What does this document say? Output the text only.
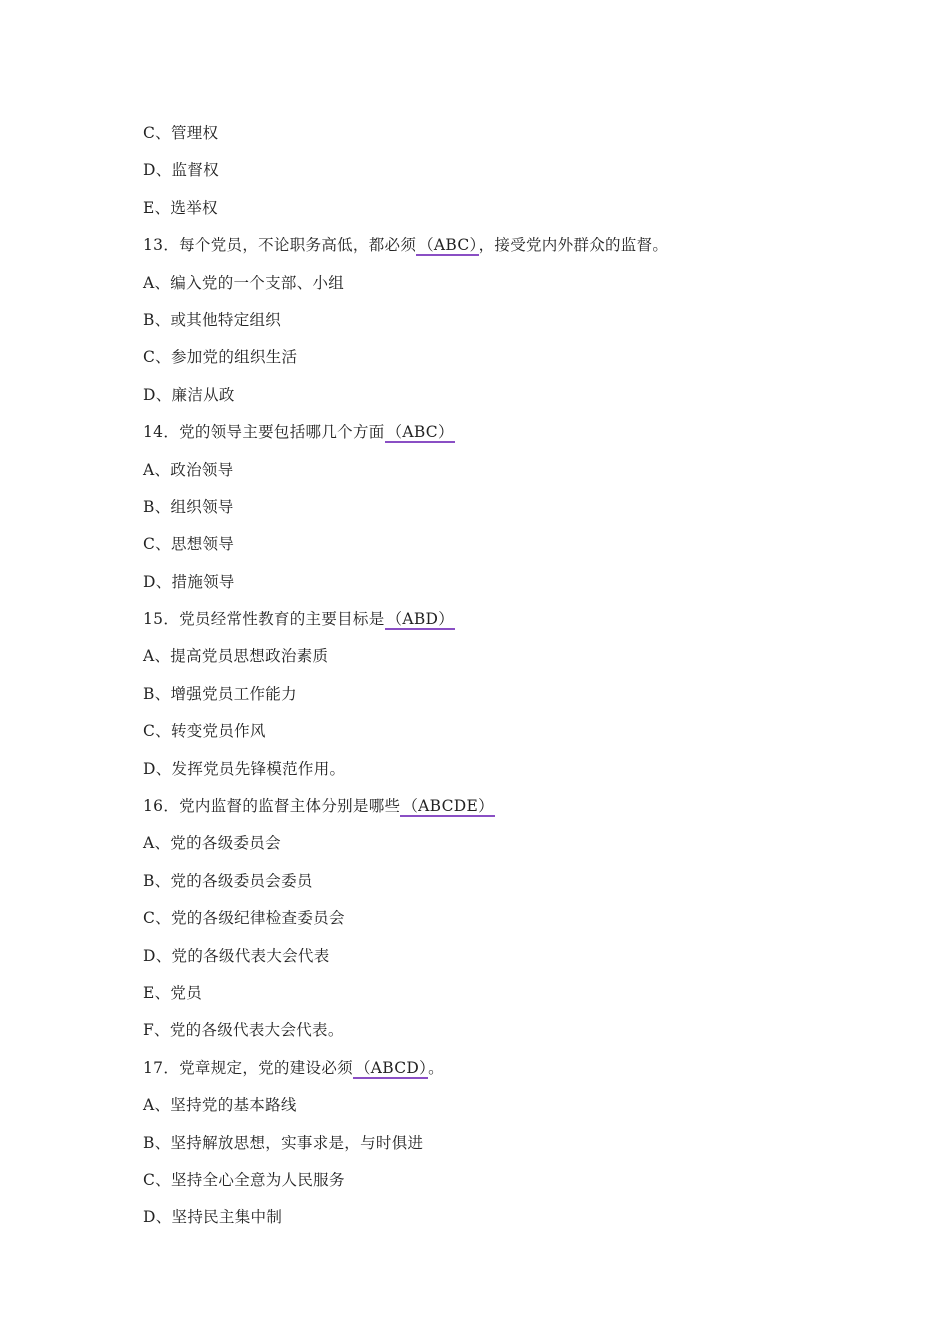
C、管理权
D、监督权
E、选举权
13．每个党员，不论职务高低，都必须 （ABC），接受党内外群众的监督。
A、编入党的一个支部、小组
B、或其他特定组织
C、参加党的组织生活
D、廉洁从政
14．党的领导主要包括哪几个方面 （ABC）
A、政治领导
B、组织领导
C、思想领导
D、措施领导
15．党员经常性教育的主要目标是 （ABD）
A、提高党员思想政治素质
B、增强党员工作能力
C、转变党员作风
D、发挥党员先锋模范作用。
16．党内监督的监督主体分别是哪些 （ABCDE）
A、党的各级委员会
B、党的各级委员会委员
C、党的各级纪律检查委员会
D、党的各级代表大会代表
E、党员
F、党的各级代表大会代表。
17．党章规定，党的建设必须 （ABCD）。
A、坚持党的基本路线
B、坚持解放思想，实事求是，与时俱进
C、坚持全心全意为人民服务
D、坚持民主集中制
